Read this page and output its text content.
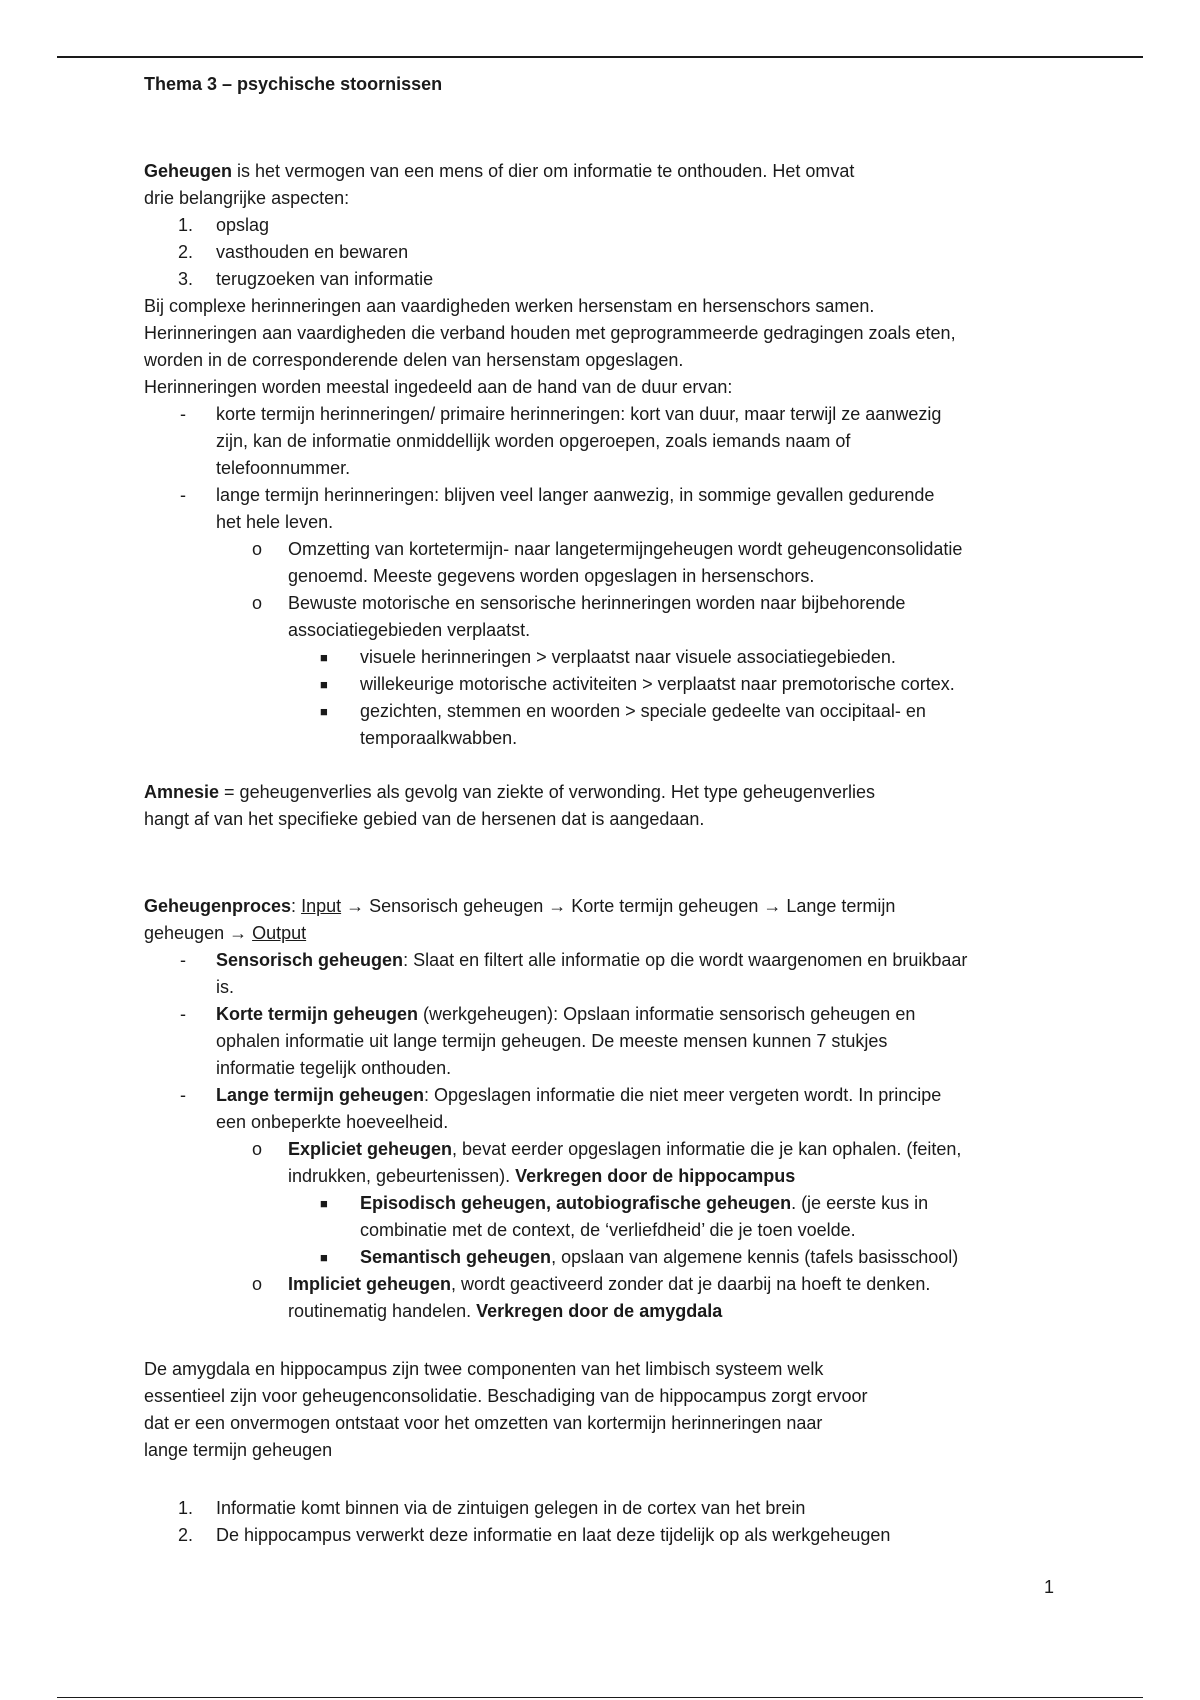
Thema 3 – psychische stoornissen

Geheugen is het vermogen van een mens of dier om informatie te onthouden. Het omvat
drie belangrijke aspecten:

1. opslag
2. vasthouden en bewaren
3. terugzoeken van informatie

Bij complexe herinneringen aan vaardigheden werken hersenstam en hersenschors samen.

Herinneringen aan vaardigheden die verband houden met geprogrammeerde gedragingen zoals eten,
worden in de corresponderende delen van hersenstam opgeslagen.

Herinneringen worden meestal ingedeeld aan de hand van de duur ervan:

- korte termijn herinneringen/ primaire herinneringen: kort van duur, maar terwijl ze aanwezig
zijn, kan de informatie onmiddellijk worden opgeroepen, zoals iemands naam of
telefoonnummer.
- lange termijn herinneringen: blijven veel langer aanwezig, in sommige gevallen gedurende
het hele leven.
o Omzetting van kortetermijn- naar langetermijngeheugen wordt geheugenconsolidatie
genoemd. Meeste gegevens worden opgeslagen in hersenschors.
o Bewuste motorische en sensorische herinneringen worden naar bijbehorende
associatiegebieden verplaatst.
■ visuele herinneringen > verplaatst naar visuele associatiegebieden.
■ willekeurige motorische activiteiten > verplaatst naar premotorische cortex.
■ gezichten, stemmen en woorden > speciale gedeelte van occipitaal- en
temporaalkwabben.

Amnesie = geheugenverlies als gevolg van ziekte of verwonding. Het type geheugenverlies
hangt af van het specifieke gebied van de hersenen dat is aangedaan.

Geheugenproces: Input → Sensorisch geheugen → Korte termijn geheugen → Lange termijn
geheugen → Output

- Sensorisch geheugen: Slaat en filtert alle informatie op die wordt waargenomen en bruikbaar
is.
- Korte termijn geheugen (werkgeheugen): Opslaan informatie sensorisch geheugen en
ophalen informatie uit lange termijn geheugen. De meeste mensen kunnen 7 stukjes
informatie tegelijk onthouden.
- Lange termijn geheugen: Opgeslagen informatie die niet meer vergeten wordt. In principe
een onbeperkte hoeveelheid.
o Expliciet geheugen, bevat eerder opgeslagen informatie die je kan ophalen. (feiten,
indrukken, gebeurtenissen). Verkregen door de hippocampus
■ Episodisch geheugen, autobiografische geheugen. (je eerste kus in
combinatie met de context, de ‘verliefdheid’ die je toen voelde.
■ Semantisch geheugen, opslaan van algemene kennis (tafels basisschool)
o Impliciet geheugen, wordt geactiveerd zonder dat je daarbij na hoeft te denken.
routinematig handelen. Verkregen door de amygdala

De amygdala en hippocampus zijn twee componenten van het limbisch systeem welk
essentieel zijn voor geheugenconsolidatie. Beschadiging van de hippocampus zorgt ervoor
dat er een onvermogen ontstaat voor het omzetten van kortermijn herinneringen naar
lange termijn geheugen

1. Informatie komt binnen via de zintuigen gelegen in de cortex van het brein
2. De hippocampus verwerkt deze informatie en laat deze tijdelijk op als werkgeheugen
1
